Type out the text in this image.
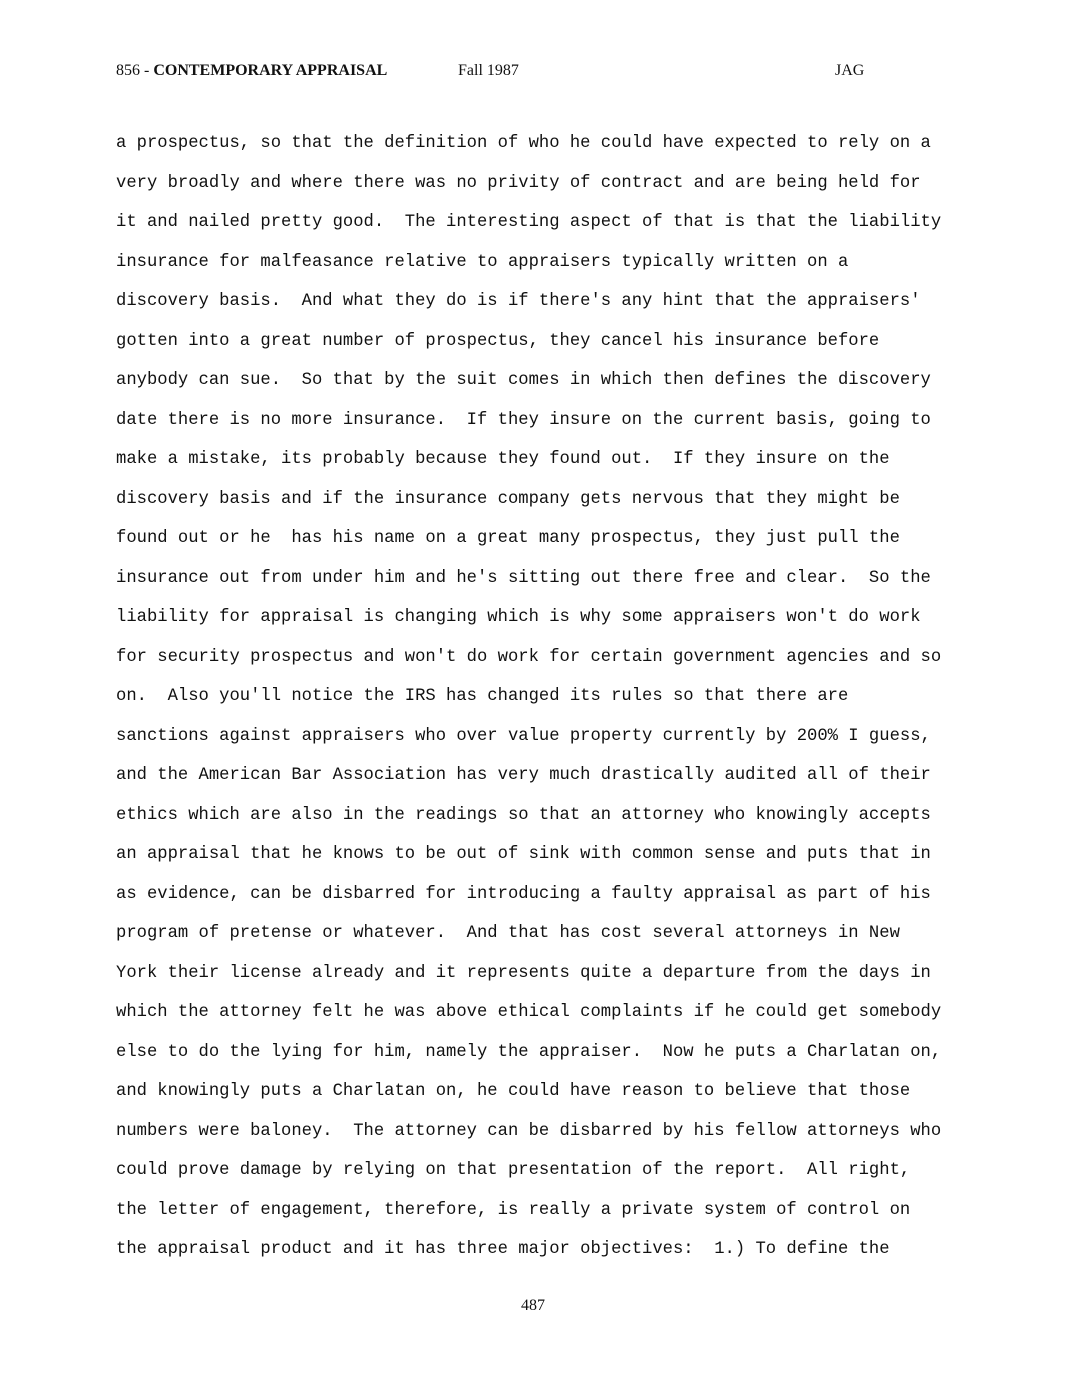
856 - CONTEMPORARY APPRAISAL	Fall 1987	JAG
a prospectus, so that the definition of who he could have expected to rely on a
very broadly and where there was no privity of contract and are being held for
it and nailed pretty good.  The interesting aspect of that is that the liability
insurance for malfeasance relative to appraisers typically written on a
discovery basis.  And what they do is if there's any hint that the appraisers'
gotten into a great number of prospectus, they cancel his insurance before
anybody can sue.  So that by the suit comes in which then defines the discovery
date there is no more insurance.  If they insure on the current basis, going to
make a mistake, its probably because they found out.  If they insure on the
discovery basis and if the insurance company gets nervous that they might be
found out or he  has his name on a great many prospectus, they just pull the
insurance out from under him and he's sitting out there free and clear.  So the
liability for appraisal is changing which is why some appraisers won't do work
for security prospectus and won't do work for certain government agencies and so
on.  Also you'll notice the IRS has changed its rules so that there are
sanctions against appraisers who over value property currently by 200% I guess,
and the American Bar Association has very much drastically audited all of their
ethics which are also in the readings so that an attorney who knowingly accepts
an appraisal that he knows to be out of sink with common sense and puts that in
as evidence, can be disbarred for introducing a faulty appraisal as part of his
program of pretense or whatever.  And that has cost several attorneys in New
York their license already and it represents quite a departure from the days in
which the attorney felt he was above ethical complaints if he could get somebody
else to do the lying for him, namely the appraiser.  Now he puts a Charlatan on,
and knowingly puts a Charlatan on, he could have reason to believe that those
numbers were baloney.  The attorney can be disbarred by his fellow attorneys who
could prove damage by relying on that presentation of the report.  All right,
the letter of engagement, therefore, is really a private system of control on
the appraisal product and it has three major objectives:  1.) To define the
487
